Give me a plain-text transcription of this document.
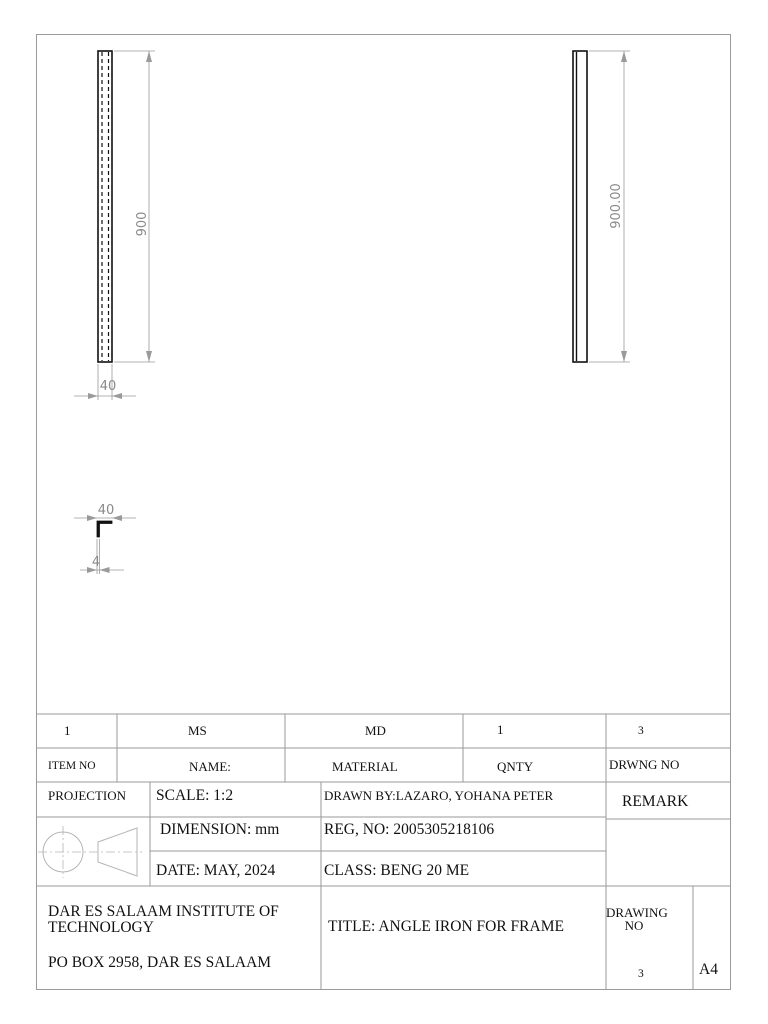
900
40
900.00
40
4
1	MS	MD	1	3
ITEM NO	NAME:	MATERIAL	QNTY	DRWNG NO
PROJECTION SCALE: 1:2	DRAWN BY:LAZARO, YOHANA PETER	REMARK
DIMENSION: mm	REG, NO: 2005305218106
DATE: MAY, 2024	CLASS: BENG 20 ME
DAR ES SALAAM INSTITUTE OF TECHNOLOGY
PO BOX 2958, DAR ES SALAAM
TITLE: ANGLE IRON FOR FRAME
DRAWING NO
3	A4
